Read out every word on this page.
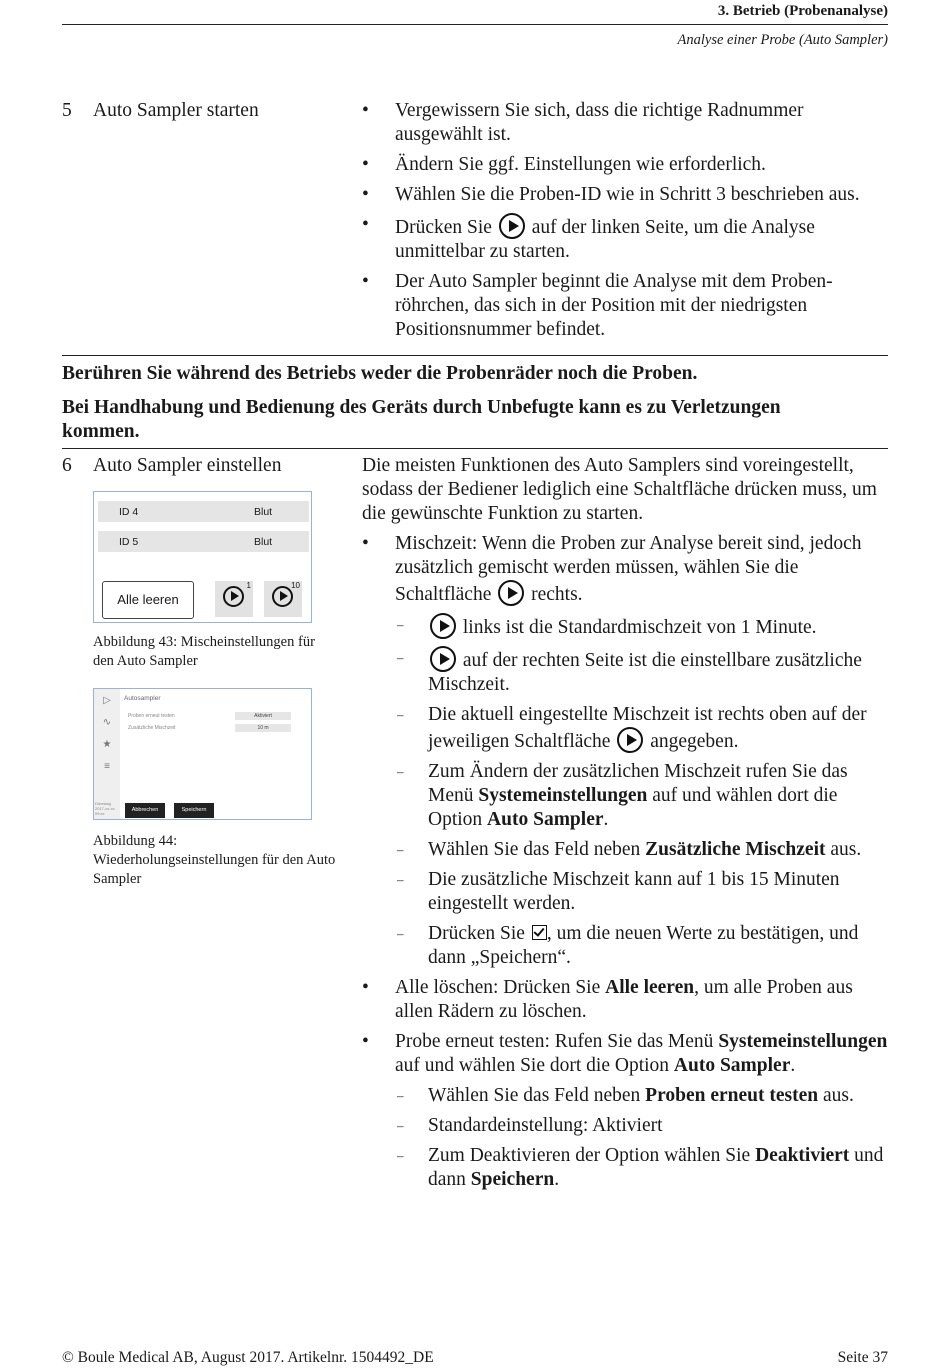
3. Betrieb (Probenanalyse)
Analyse einer Probe (Auto Sampler)
5 Auto Sampler starten
•	Vergewissern Sie sich, dass die richtige Radnummer ausgewählt ist.
• Ändern Sie ggf. Einstellungen wie erforderlich.
• Wählen Sie die Proben-ID wie in Schritt 3 beschrieben aus.
• Drücken Sie auf der linken Seite, um die Analyse unmittelbar zu starten.
• Der Auto Sampler beginnt die Analyse mit dem Probenröhrchen, das sich in der Position mit der niedrigsten Positionsnummer befindet.
Berühren Sie während des Betriebs weder die Probenräder noch die Proben.
Bei Handhabung und Bedienung des Geräts durch Unbefugte kann es zu Verletzungen kommen.
6 Auto Sampler einstellen
ID 4	Blut
ID 5	Blut
Alle leeren
1	10
Abbildung 43: Mischeinstellungen für den Auto Sampler
▷
∿
★
≡
Dienstag 2017-xx-xx 09:xx
Autosampler
Proben erneut testen	Aktiviert
Zusätzliche Mischzeit	10 m
Abbrechen	Speichern
Abbildung 44: Wiederholungseinstellungen für den Auto Sampler
Die meisten Funktionen des Auto Samplers sind voreingestellt, sodass der Bediener lediglich eine Schaltfläche drücken muss, um die gewünschte Funktion zu starten.
• Mischzeit: Wenn die Proben zur Analyse bereit sind, jedoch zusätzlich gemischt werden müssen, wählen Sie die Schaltfläche rechts.
– links ist die Standardmischzeit von 1 Minute.
– auf der rechten Seite ist die einstellbare zusätzliche Mischzeit.
– Die aktuell eingestellte Mischzeit ist rechts oben auf der jeweiligen Schaltfläche angegeben.
– Zum Ändern der zusätzlichen Mischzeit rufen Sie das Menü Systemeinstellungen auf und wählen dort die Option Auto Sampler.
– Wählen Sie das Feld neben Zusätzliche Mischzeit aus.
– Die zusätzliche Mischzeit kann auf 1 bis 15 Minuten eingestellt werden.
– Drücken Sie , um die neuen Werte zu bestätigen, und dann „Speichern“.
• Alle löschen: Drücken Sie Alle leeren, um alle Proben aus allen Rädern zu löschen.
• Probe erneut testen: Rufen Sie das Menü Systemeinstellungen auf und wählen Sie dort die Option Auto Sampler.
– Wählen Sie das Feld neben Proben erneut testen aus.
– Standardeinstellung: Aktiviert
– Zum Deaktivieren der Option wählen Sie Deaktiviert und dann Speichern.
© Boule Medical AB, August 2017. Artikelnr. 1504492_DE	Seite 37
